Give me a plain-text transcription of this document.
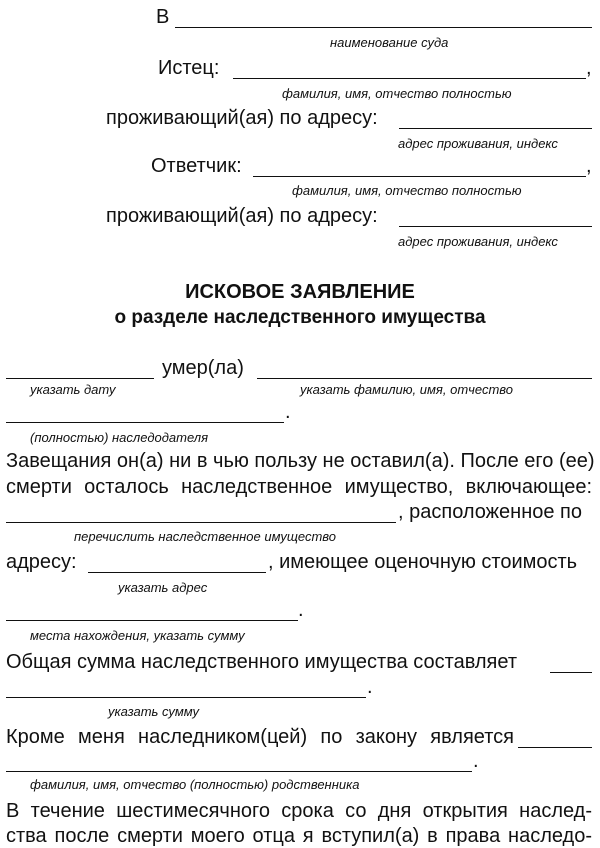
В
наименование суда
Истец:	,
фамилия, имя, отчество полностью
проживающий(ая) по адресу:
адрес проживания, индекс
Ответчик:	,
фамилия, имя, отчество полностью
проживающий(ая) по адресу:
адрес проживания, индекс
ИСКОВОЕ ЗАЯВЛЕНИЕ
о разделе наследственного имущества
умер(ла)
указать дату	указать фамилию, имя, отчество
.
(полностью) наследодателя
Завещания он(а) ни в чью пользу не оставил(а). После его (ее)
смерти осталось наследственное имущество, включающее:
, расположенное по
перечислить наследственное имущество
адресу:	, имеющее оценочную стоимость
указать адрес
.
места нахождения, указать сумму
Общая сумма наследственного имущества составляет
.
указать сумму
Кроме меня наследником(цей) по закону является
.
фамилия, имя, отчество (полностью) родственника
В течение шестимесячного срока со дня открытия наслед-
ства после смерти моего отца я вступил(а) в права наследо-
